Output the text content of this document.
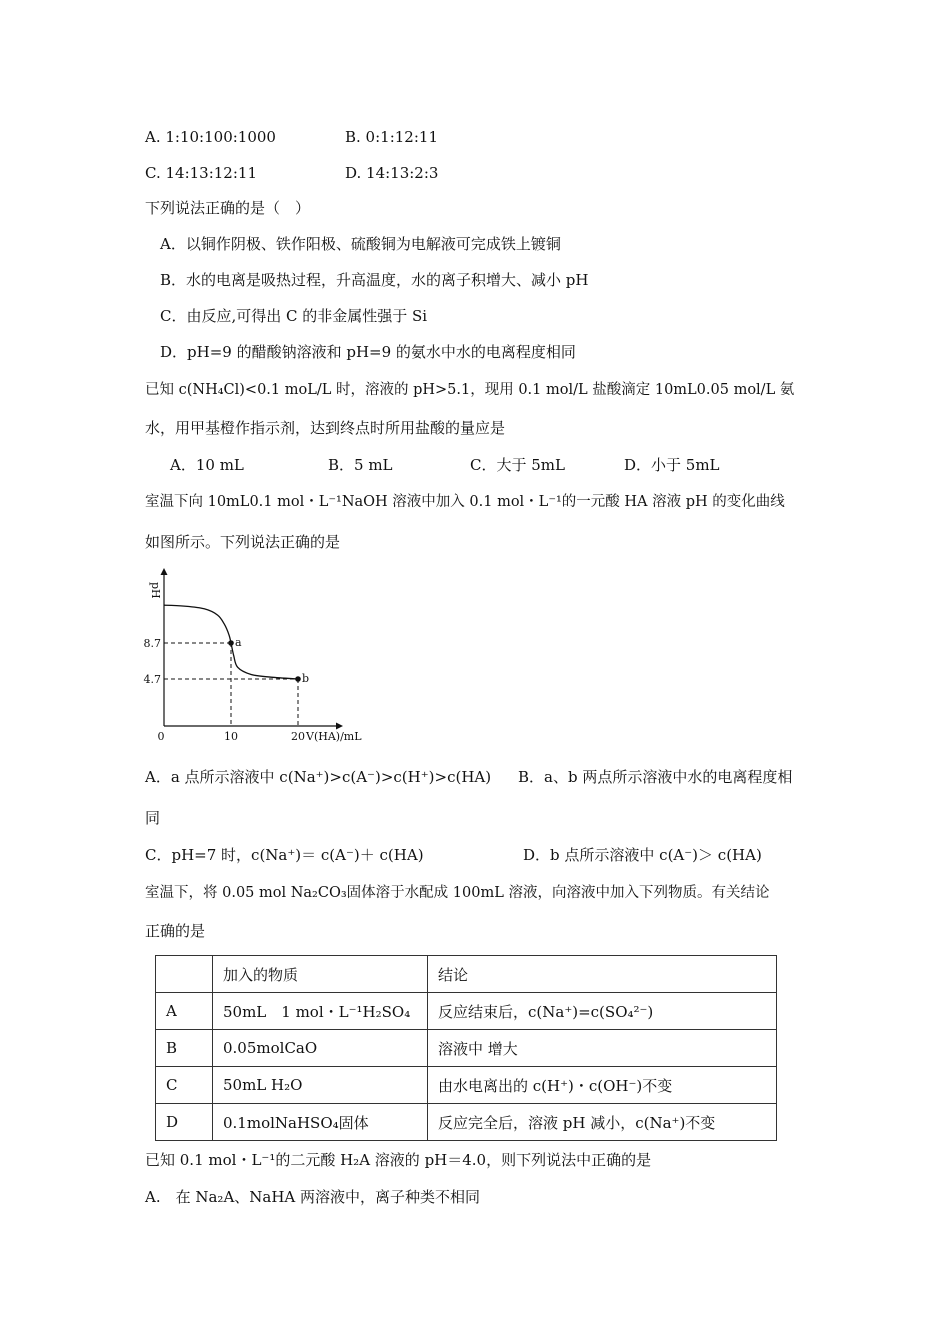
A. 1:10:100:1000	B. 0:1:12:11
C. 14:13:12:11	D. 14:13:2:3
下列说法正确的是（　）
A．以铜作阴极、铁作阳极、硫酸铜为电解液可完成铁上镀铜
B．水的电离是吸热过程，升高温度，水的离子积增大、减小 pH
C．由反应,可得出 C 的非金属性强于 Si
D．pH=9 的醋酸钠溶液和 pH=9 的氨水中水的电离程度相同
已知 c(NH₄Cl)<0.1 moL/L 时，溶液的 pH>5.1，现用 0.1 mol/L 盐酸滴定 10mL0.05 mol/L 氨
水，用甲基橙作指示剂，达到终点时所用盐酸的量应是
A．10 mL	B．5 mL	C．大于 5mL	D．小于 5mL
室温下向 10mL0.1 mol・L⁻¹NaOH 溶液中加入 0.1 mol・L⁻¹的一元酸 HA 溶液 pH 的变化曲线
如图所示。下列说法正确的是
a
b
8.7
4.7
0	10	20 V(HA)/mL
pH
A．a 点所示溶液中 c(Na⁺)>c(A⁻)>c(H⁺)>c(HA) B．a、b 两点所示溶液中水的电离程度相
同
C．pH=7 时，c(Na⁺)＝ c(A⁻)＋ c(HA)	D．b 点所示溶液中 c(A⁻)＞ c(HA)
室温下，将 0.05 mol Na₂CO₃固体溶于水配成 100mL 溶液，向溶液中加入下列物质。有关结论
正确的是
	加入的物质	结论
A	50mL　1 mol・L⁻¹H₂SO₄	反应结束后，c(Na⁺)=c(SO₄²⁻)
B	0.05molCaO	溶液中 增大
C	50mL H₂O	由水电离出的 c(H⁺)・c(OH⁻)不变
D	0.1molNaHSO₄固体	反应完全后，溶液 pH 减小，c(Na⁺)不变
已知 0.1 mol・L⁻¹的二元酸 H₂A 溶液的 pH＝4.0，则下列说法中正确的是
A.　在 Na₂A、NaHA 两溶液中，离子种类不相同
